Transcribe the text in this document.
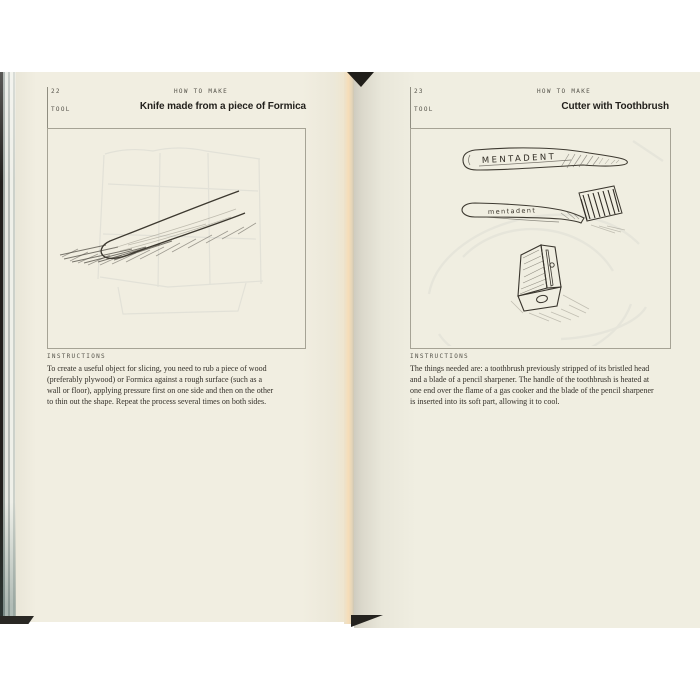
22
TOOL
HOW TO MAKE
Knife made from a piece of Formica
INSTRUCTIONS
To create a useful object for slicing, you need to rub a piece of wood
(preferably plywood) or Formica against a rough surface (such as a
wall or floor), applying pressure first on one side and then on the other
to thin out the shape. Repeat the process several times on both sides.
23
TOOL
HOW TO MAKE
Cutter with Toothbrush
MENTADENT
mentadent
INSTRUCTIONS
The things needed are: a toothbrush previously stripped of its bristled head
and a blade of a pencil sharpener. The handle of the toothbrush is heated at
one end over the flame of a gas cooker and the blade of the pencil sharpener
is inserted into its soft part, allowing it to cool.
